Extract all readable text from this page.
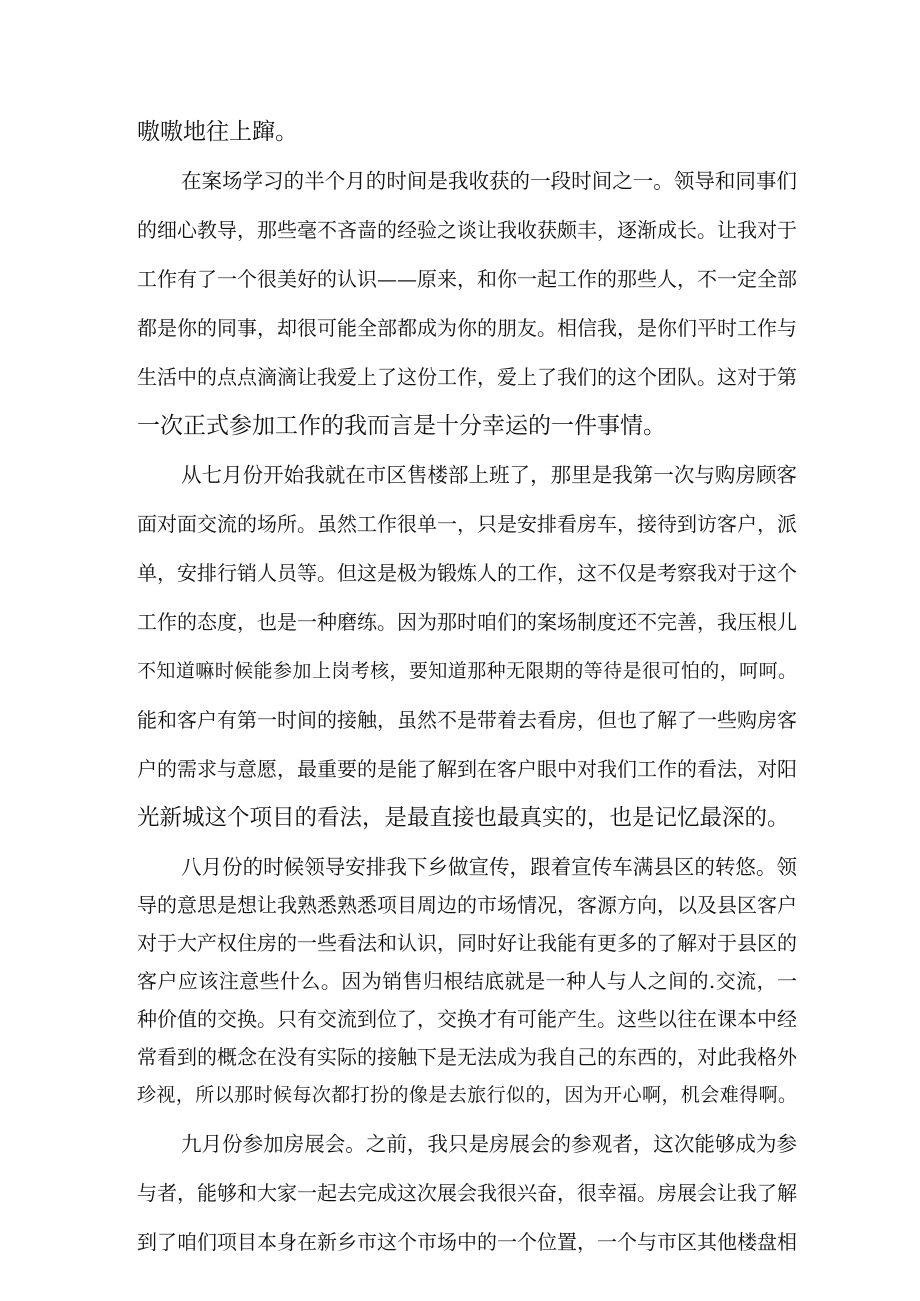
嗷嗷地往上蹿。
在案场学习的半个月的时间是我收获的一段时间之一。领导和同事们
的细心教导，那些毫不吝啬的经验之谈让我收获颇丰，逐渐成长。让我对于
工作有了一个很美好的认识——原来，和你一起工作的那些人，不一定全部
都是你的同事，却很可能全部都成为你的朋友。相信我，是你们平时工作与
生活中的点点滴滴让我爱上了这份工作，爱上了我们的这个团队。这对于第
一次正式参加工作的我而言是十分幸运的一件事情。
从七月份开始我就在市区售楼部上班了，那里是我第一次与购房顾客
面对面交流的场所。虽然工作很单一，只是安排看房车，接待到访客户，派
单，安排行销人员等。但这是极为锻炼人的工作，这不仅是考察我对于这个
工作的态度，也是一种磨练。因为那时咱们的案场制度还不完善，我压根儿
不知道嘛时候能参加上岗考核，要知道那种无限期的等待是很可怕的，呵呵。
能和客户有第一时间的接触，虽然不是带着去看房，但也了解了一些购房客
户的需求与意愿，最重要的是能了解到在客户眼中对我们工作的看法，对阳
光新城这个项目的看法，是最直接也最真实的，也是记忆最深的。
八月份的时候领导安排我下乡做宣传，跟着宣传车满县区的转悠。领
导的意思是想让我熟悉熟悉项目周边的市场情况，客源方向，以及县区客户
对于大产权住房的一些看法和认识，同时好让我能有更多的了解对于县区的
客户应该注意些什么。因为销售归根结底就是一种人与人之间的.交流，一
种价值的交换。只有交流到位了，交换才有可能产生。这些以往在课本中经
常看到的概念在没有实际的接触下是无法成为我自己的东西的，对此我格外
珍视，所以那时候每次都打扮的像是去旅行似的，因为开心啊，机会难得啊。
九月份参加房展会。之前，我只是房展会的参观者，这次能够成为参
与者，能够和大家一起去完成这次展会我很兴奋，很幸福。房展会让我了解
到了咱们项目本身在新乡市这个市场中的一个位置，一个与市区其他楼盘相
